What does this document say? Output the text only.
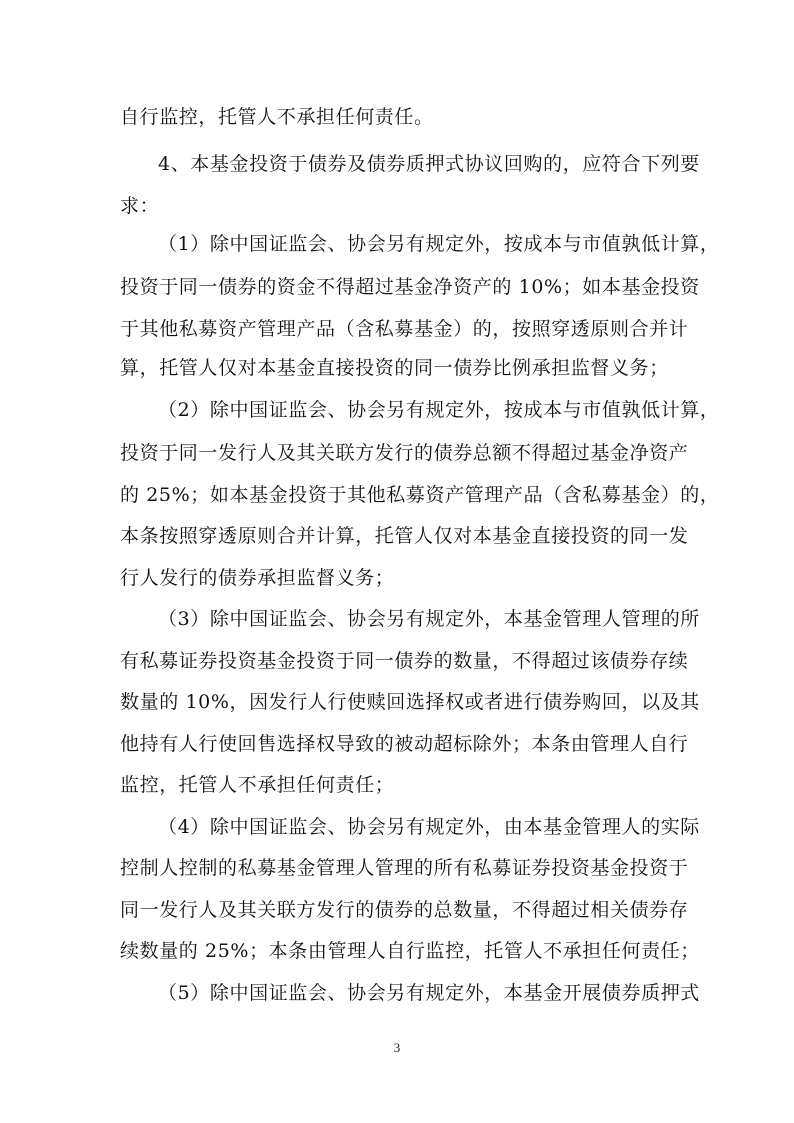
自行监控，托管人不承担任何责任。
4、本基金投资于债券及债券质押式协议回购的，应符合下列要
求：
（1）除中国证监会、协会另有规定外，按成本与市值孰低计算，
投资于同一债券的资金不得超过基金净资产的 10%；如本基金投资
于其他私募资产管理产品（含私募基金）的，按照穿透原则合并计
算，托管人仅对本基金直接投资的同一债券比例承担监督义务；
（2）除中国证监会、协会另有规定外，按成本与市值孰低计算，
投资于同一发行人及其关联方发行的债券总额不得超过基金净资产
的 25%；如本基金投资于其他私募资产管理产品（含私募基金）的，
本条按照穿透原则合并计算，托管人仅对本基金直接投资的同一发
行人发行的债券承担监督义务；
（3）除中国证监会、协会另有规定外，本基金管理人管理的所
有私募证券投资基金投资于同一债券的数量，不得超过该债券存续
数量的 10%，因发行人行使赎回选择权或者进行债券购回，以及其
他持有人行使回售选择权导致的被动超标除外；本条由管理人自行
监控，托管人不承担任何责任；
（4）除中国证监会、协会另有规定外，由本基金管理人的实际
控制人控制的私募基金管理人管理的所有私募证券投资基金投资于
同一发行人及其关联方发行的债券的总数量，不得超过相关债券存
续数量的 25%；本条由管理人自行监控，托管人不承担任何责任；
（5）除中国证监会、协会另有规定外，本基金开展债券质押式
3
